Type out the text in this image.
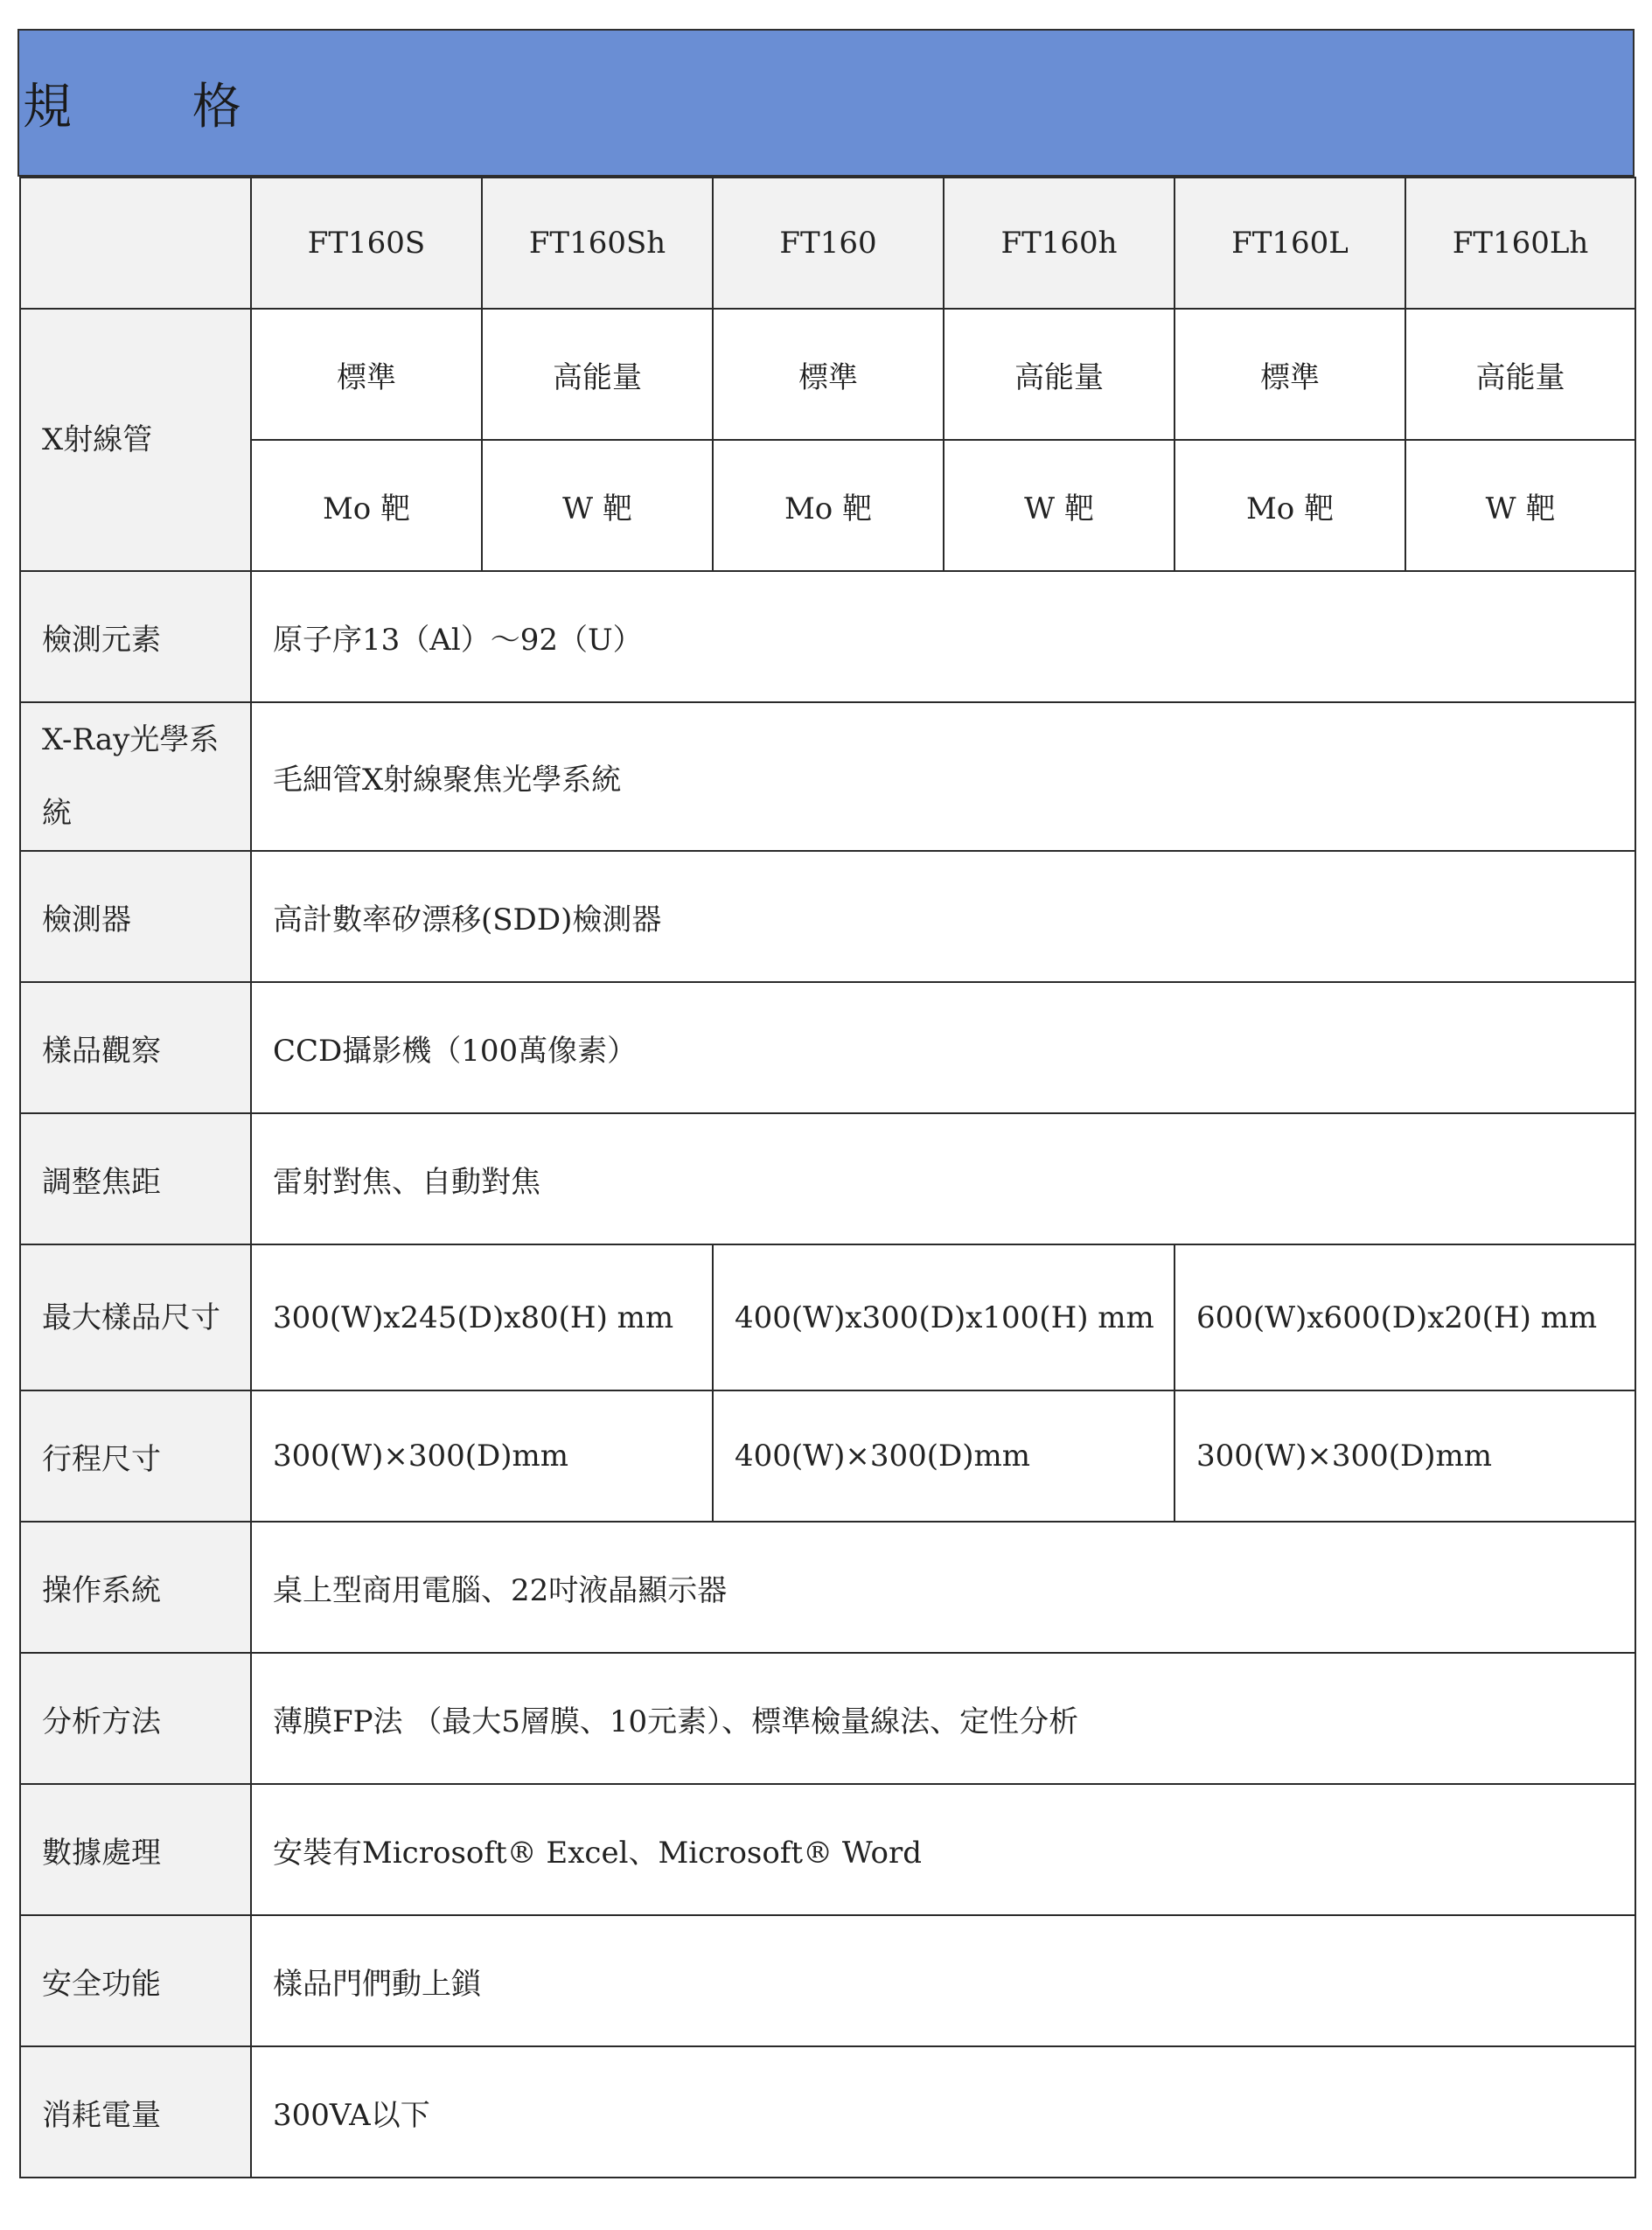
規 格
	FT160S	FT160Sh	FT160	FT160h	FT160L	FT160Lh
X射線管	標準	高能量	標準	高能量	標準	高能量
	Mo 靶	W 靶	Mo 靶	W 靶	Mo 靶	W 靶
檢測元素	原子序13（Al）～92（U）					
X-Ray光學系統	毛細管X射線聚焦光學系統					
檢測器	高計數率矽漂移(SDD)檢測器					
樣品觀察	CCD攝影機（100萬像素）					
調整焦距	雷射對焦、自動對焦					
最大樣品尺寸	300(W)x245(D)x80(H) mm		400(W)x300(D)x100(H) mm		600(W)x600(D)x20(H) mm	
行程尺寸	300(W)×300(D)mm		400(W)×300(D)mm		300(W)×300(D)mm	
操作系統	桌上型商用電腦、22吋液晶顯示器					
分析方法	薄膜FP法 （最大5層膜、10元素）、標準檢量線法、定性分析					
數據處理	安裝有Microsoft® Excel、Microsoft® Word					
安全功能	樣品門們動上鎖					
消耗電量	300VA以下					
